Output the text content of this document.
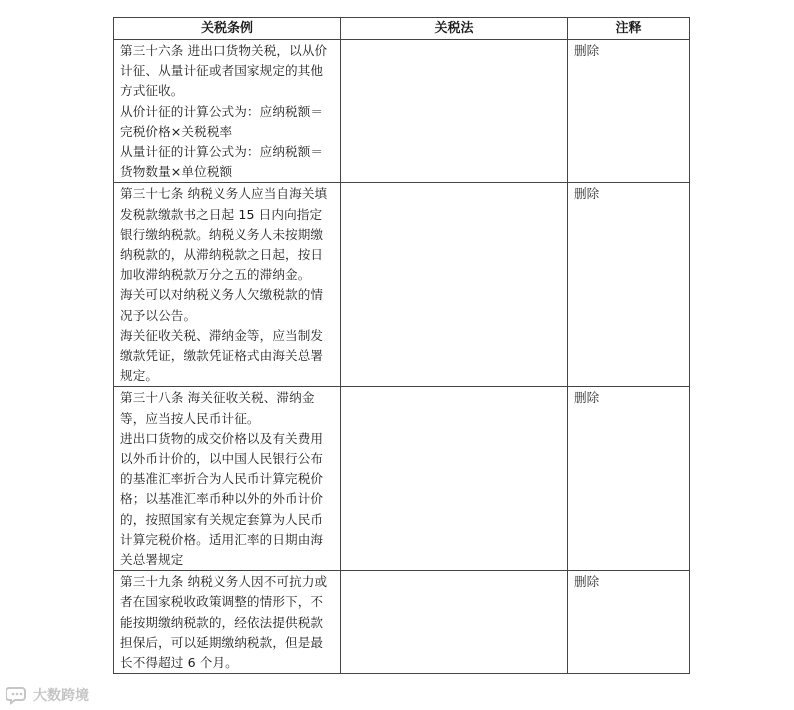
关税条例	关税法	注释

第三十六条 进出口货物关税，以从价计征、从量计征或者国家规定的其他方式征收。

从价计征的计算公式为：应纳税额＝完税价格×关税税率

从量计征的计算公式为：应纳税额＝货物数量×单位税额		删除

第三十七条 纳税义务人应当自海关填发税款缴款书之日起 15 日内向指定银行缴纳税款。纳税义务人未按期缴纳税款的，从滞纳税款之日起，按日加收滞纳税款万分之五的滞纳金。

海关可以对纳税义务人欠缴税款的情况予以公告。

海关征收关税、滞纳金等，应当制发缴款凭证，缴款凭证格式由海关总署规定。		删除

第三十八条 海关征收关税、滞纳金等，应当按人民币计征。

进出口货物的成交价格以及有关费用以外币计价的，以中国人民银行公布的基准汇率折合为人民币计算完税价格；以基准汇率币种以外的外币计价的，按照国家有关规定套算为人民币计算完税价格。适用汇率的日期由海关总署规定		删除

第三十九条 纳税义务人因不可抗力或者在国家税收政策调整的情形下，不能按期缴纳税款的，经依法提供税款担保后，可以延期缴纳税款，但是最长不得超过 6 个月。		删除
大数跨境
